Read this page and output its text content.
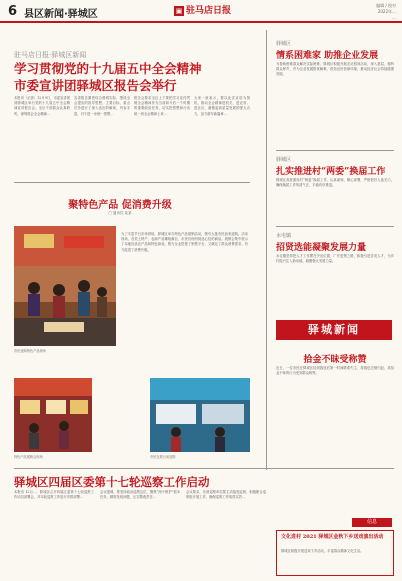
6 县区新闻·驿城区	▣ 驻马店日报
编辑 / 校对
2022年…
…
驻马店日报·驿城区新闻
学习贯彻党的十九届五中全会精神
市委宣讲团驿城区报告会举行
本报讯（记者）12月9日，市委宣讲团到驿城区举行党的十九届五中全会精神宣讲报告会。全区干部群众认真聆听，深刻领会全会精神…
宣讲报告紧密结合驿城实际，围绕全会提出的指导思想、主要目标、重点任务进行了深入浅出的解读，内容丰富，对于进一步统一思想…
报告会要求全区上下要把学习宣传贯彻全会精神作为当前和今后一个时期的重要政治任务，切实把思想和行动统一到全会精神上来…
大家一致表示，要以此次宣讲为契机，推动全会精神进机关、进农村、进社区，凝聚起高质量发展的强大合力，奋力谱写新篇章…
聚特色产品 促消费升级
□ 通讯员 某某
市民选购特色产品现场
为了丰富节日市场供给，驿城区举办特色产品展销活动，吸引大批市民前来选购。活动现场，各类土特产、农副产品琳琅满目，市民们纷纷挑选心仪的商品。展销会集中展示了本地优质农产品和特色商品，既为企业搭建了销售平台，又满足了群众消费需求，有力促进了消费升级。
特色产品展销会现场	市民在展台前选购
驿城区
情系困难家 助推企业发展
为帮助困难群众解决实际困难，驿城区积极开展走访慰问活动，深入基层，倾听群众呼声，并为企业发展排忧解难，营造良好营商环境，推动经济社会持续健康发展。
驿城区
扎实推进村“两委”换届工作
驿城区高度重视村“两委”换届工作，认真谋划、精心部署，严格把好人选关口，确保换届工作风清气正、平稳有序推进。
水屯镇
招贤选能凝聚发展力量
水屯镇坚持把人才工作摆在突出位置，广开进贤之路，积极引进各类人才，为乡村振兴注入新动能、凝聚强大发展力量。
驿城新闻
拾金不昧受称赞
近日，一位市民在驿城区拾到钱包后第一时间联系失主，将钱包完璧归赵，其拾金不昧的行为受到群众称赞。
驿城区四届区委第十七轮巡察工作启动
本报讯 12月…，驿城区召开四届区委第十七轮巡察工作动员部署会，对本轮巡察工作进行安排部署…
会议强调，要坚持政治巡察定位，聚焦“两个维护”根本任务，精准发现问题，压实整改责任…
会议要求，各被巡察单位要主动接受监督，积极配合巡察组开展工作，确保巡察工作取得实效…
信息
文化进村 2021 驿城区金秋下乡送戏演出活动
驿城区积极开展送戏下乡活动，丰富群众精神文化生活。
